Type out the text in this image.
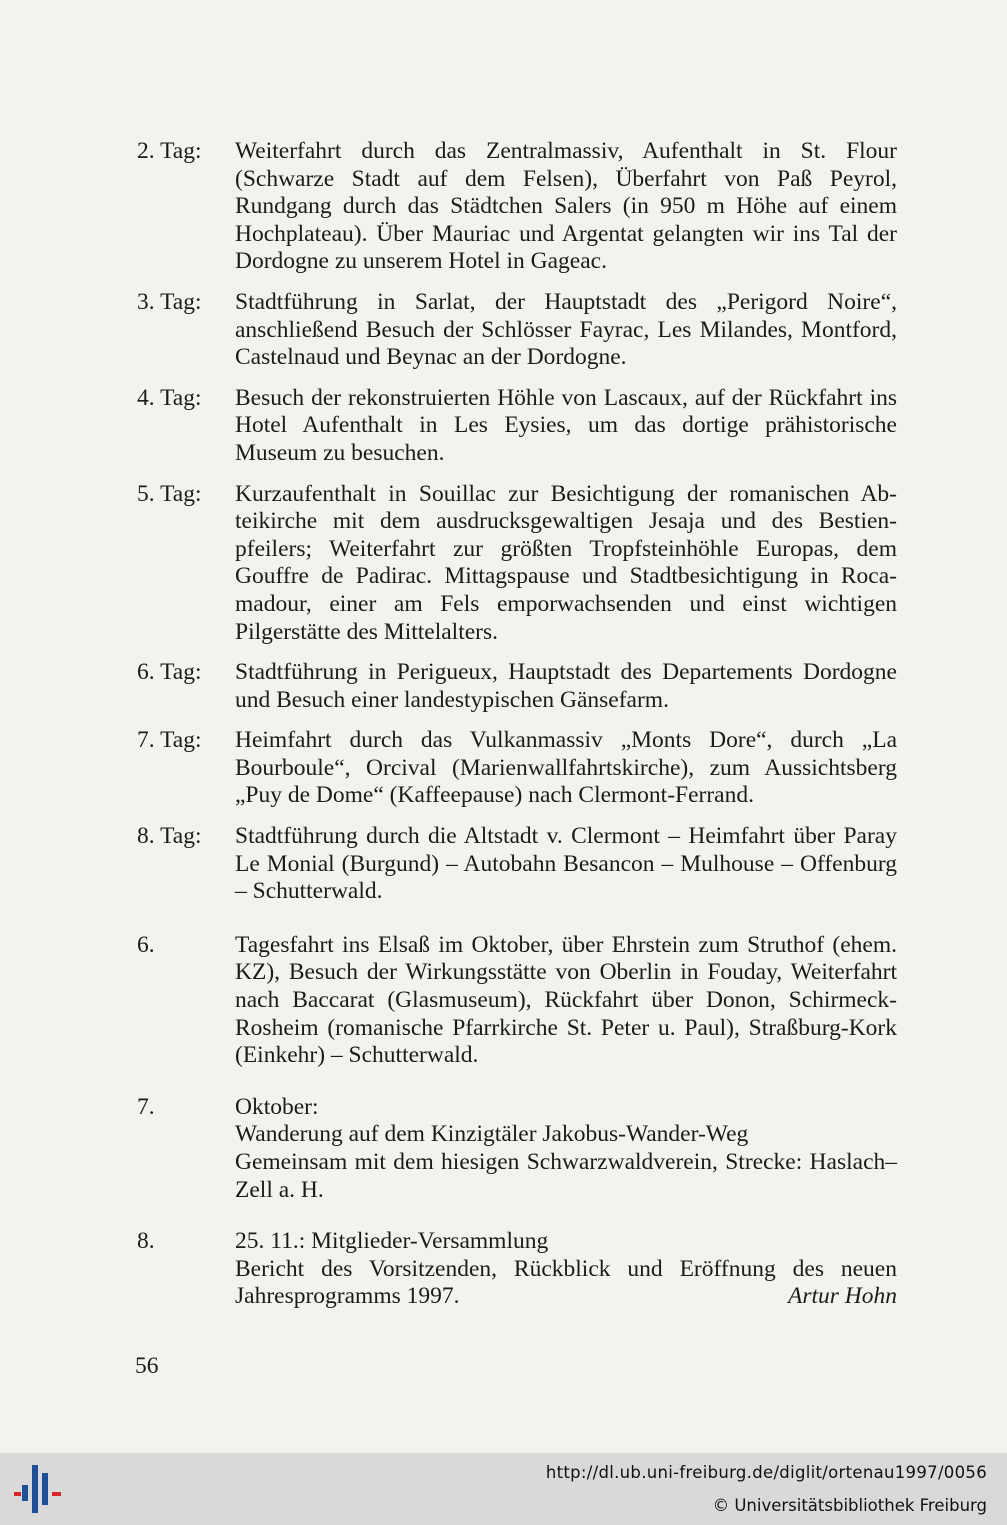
2. Tag:	Weiterfahrt durch das Zentralmassiv, Aufenthalt in St. Flour (Schwarze Stadt auf dem Felsen), Überfahrt von Paß Peyrol, Rundgang durch das Städtchen Salers (in 950 m Höhe auf einem Hochplateau). Über Mauriac und Argentat gelangten wir ins Tal der Dordogne zu unserem Hotel in Gageac.
3. Tag:	Stadtführung in Sarlat, der Hauptstadt des „Perigord Noire“, anschließend Besuch der Schlösser Fayrac, Les Milandes, Montford, Castelnaud und Beynac an der Dordogne.
4. Tag:	Besuch der rekonstruierten Höhle von Lascaux, auf der Rückfahrt ins Hotel Aufenthalt in Les Eysies, um das dortige prähistorische Museum zu besuchen.
5. Tag:	Kurzaufenthalt in Souillac zur Besichtigung der romanischen Abteikirche mit dem ausdrucksgewaltigen Jesaja und des Bestienpfeilers; Weiterfahrt zur größten Tropfsteinhöhle Europas, dem Gouffre de Padirac. Mittagspause und Stadtbesichtigung in Rocamadour, einer am Fels emporwachsenden und einst wichtigen Pilgerstätte des Mittelalters.
6. Tag:	Stadtführung in Perigueux, Hauptstadt des Departements Dordogne und Besuch einer landestypischen Gänsefarm.
7. Tag:	Heimfahrt durch das Vulkanmassiv „Monts Dore“, durch „La Bourboule“, Orcival (Marienwallfahrtskirche), zum Aussichtsberg „Puy de Dome“ (Kaffeepause) nach Clermont-Ferrand.
8. Tag:	Stadtführung durch die Altstadt v. Clermont – Heimfahrt über Paray Le Monial (Burgund) – Autobahn Besancon – Mulhouse – Offenburg – Schutterwald.
6.	Tagesfahrt ins Elsaß im Oktober, über Ehrstein zum Struthof (ehem. KZ), Besuch der Wirkungsstätte von Oberlin in Fouday, Weiterfahrt nach Baccarat (Glasmuseum), Rückfahrt über Donon, Schirmeck-Rosheim (romanische Pfarrkirche St. Peter u. Paul), Straßburg-Kork (Einkehr) – Schutterwald.

7.	Oktober:

Wanderung auf dem Kinzigtäler Jakobus-Wander-Weg

Gemeinsam mit dem hiesigen Schwarzwaldverein, Strecke: Haslach–Zell a. H.

8.	25. 11.: Mitglieder-Versammlung

Bericht des Vorsitzenden, Rückblick und Eröffnung des neuen

Jahresprogramms 1997.	Artur Hohn
56
http://dl.ub.uni-freiburg.de/diglit/ortenau1997/0056
© Universitätsbibliothek Freiburg
